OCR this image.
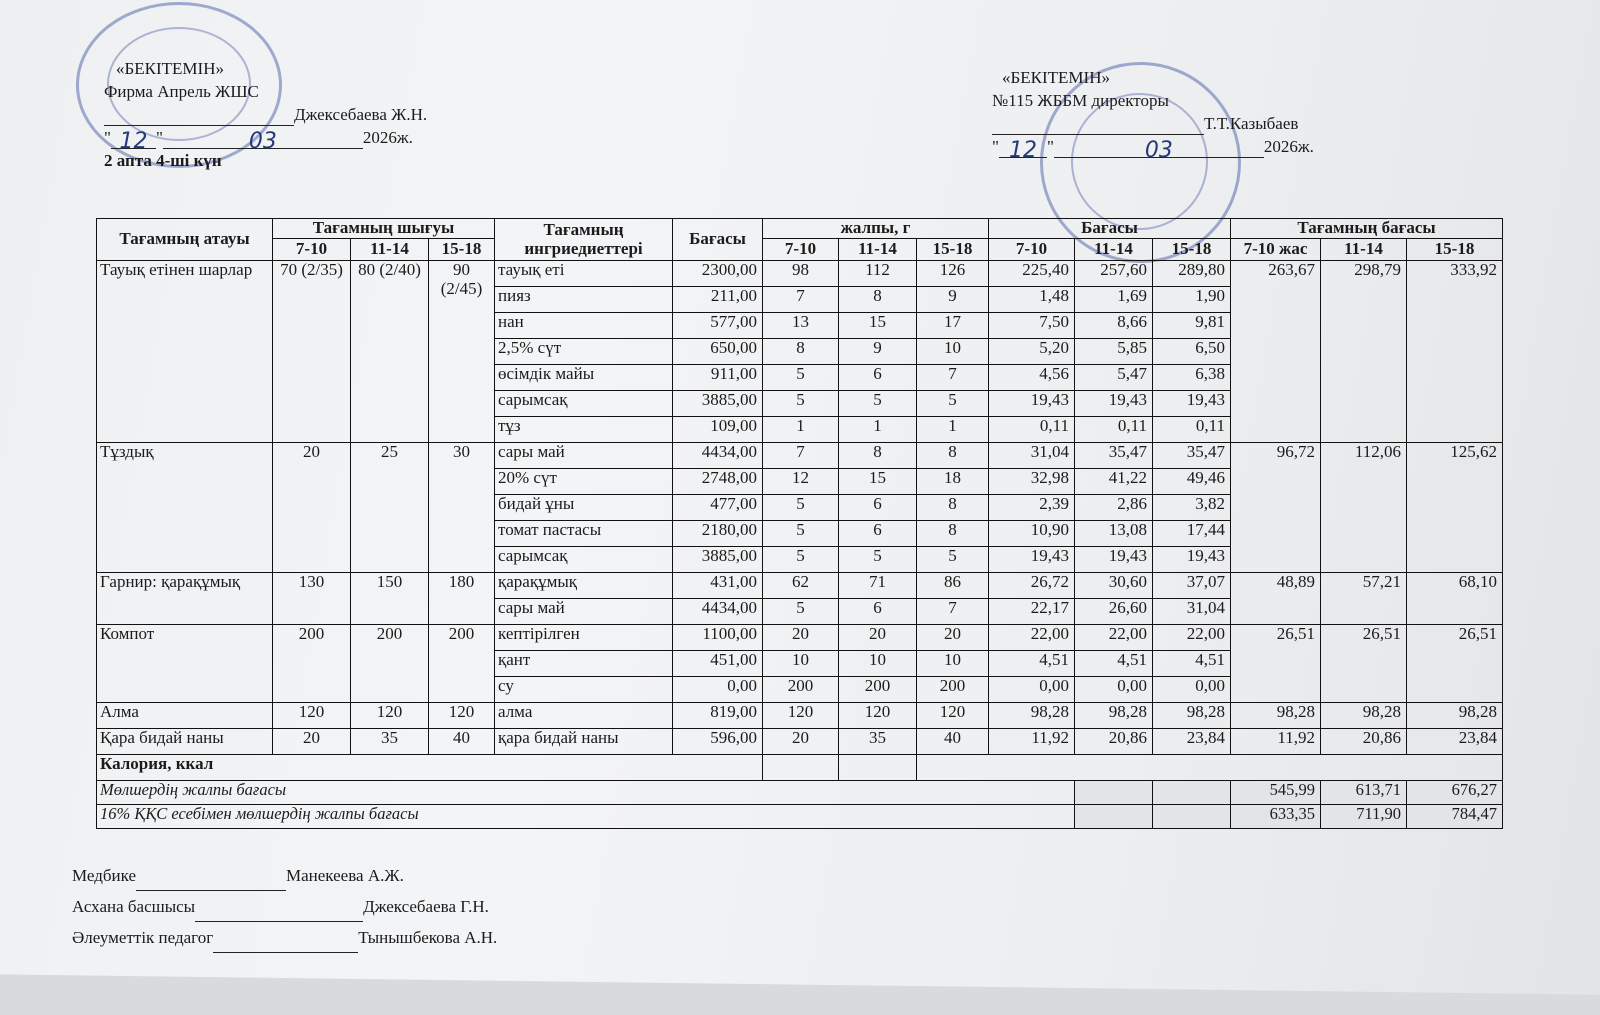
«БЕКІТЕМІН»
Фирма Апрель ЖШС
Джексебаева Ж.Н.
" 12 "	03	2026ж.
2 апта 4-ші күн
«БЕКІТЕМІН»
№115 ЖББМ директоры
Т.Т.Казыбаев
" 12 "	03	2026ж.
Тағамның атауы	Тағамның шығуы			Тағамның ингриедиеттері	Бағасы	жалпы, г			Бағасы			Тағамның бағасы		
	7-10	11-14	15-18			7-10	11-14	15-18	7-10	11-14	15-18	7-10 жас	11-14	15-18
Тауық етінен шарлар	70 (2/35)	80 (2/40)	90 (2/45)	тауық еті	2300,00	98	112	126	225,40	257,60	289,80	263,67	298,79	333,92
				пияз	211,00	7	8	9	1,48	1,69	1,90			
				нан	577,00	13	15	17	7,50	8,66	9,81			
				2,5% сүт	650,00	8	9	10	5,20	5,85	6,50			
				өсімдік майы	911,00	5	6	7	4,56	5,47	6,38			
				сарымсақ	3885,00	5	5	5	19,43	19,43	19,43			
				тұз	109,00	1	1	1	0,11	0,11	0,11			
Тұздық	20	25	30	сары май	4434,00	7	8	8	31,04	35,47	35,47	96,72	112,06	125,62
				20% сүт	2748,00	12	15	18	32,98	41,22	49,46			
				бидай ұны	477,00	5	6	8	2,39	2,86	3,82			
				томат пастасы	2180,00	5	6	8	10,90	13,08	17,44			
				сарымсақ	3885,00	5	5	5	19,43	19,43	19,43			
Гарнир: қарақұмық	130	150	180	қарақұмық	431,00	62	71	86	26,72	30,60	37,07	48,89	57,21	68,10
				сары май	4434,00	5	6	7	22,17	26,60	31,04			
Компот	200	200	200	кептірілген	1100,00	20	20	20	22,00	22,00	22,00	26,51	26,51	26,51
				қант	451,00	10	10	10	4,51	4,51	4,51			
				су	0,00	200	200	200	0,00	0,00	0,00			
Алма	120	120	120	алма	819,00	120	120	120	98,28	98,28	98,28	98,28	98,28	98,28
Қара бидай наны	20	35	40	қара бидай наны	596,00	20	35	40	11,92	20,86	23,84	11,92	20,86	23,84
Калория, ккал														
Мөлшердің жалпы бағасы												545,99	613,71	676,27
16% ҚҚС есебімен мөлшердің жалпы бағасы												633,35	711,90	784,47
Медбике	Манекеева А.Ж.
Асхана басшысы	Джексебаева Г.Н.
Әлеуметтік педагог	Тынышбекова А.Н.
